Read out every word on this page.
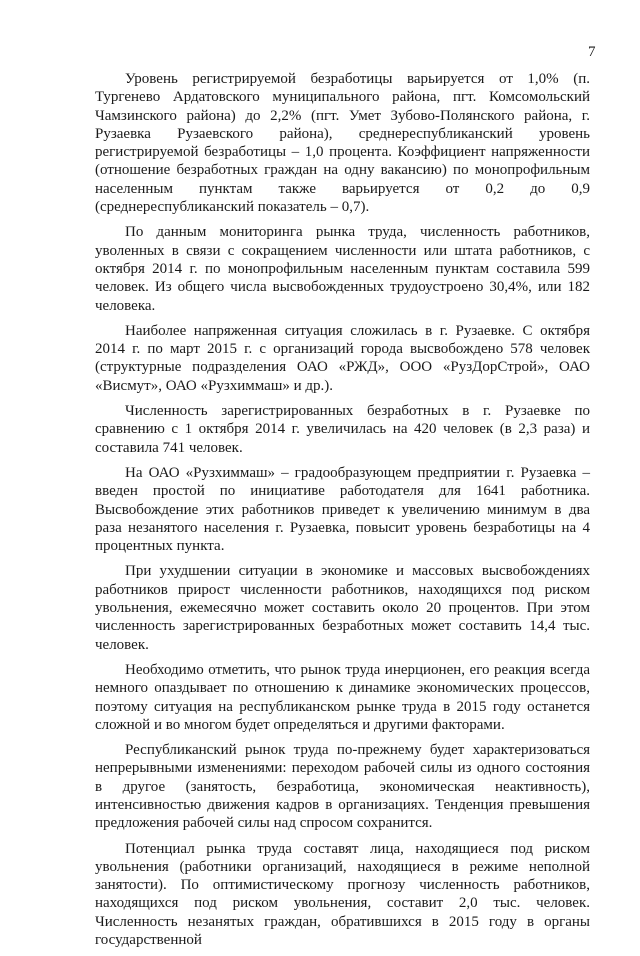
7

Уровень регистрируемой безработицы варьируется от 1,0% (п. Тургенево Ардатовского муниципального района, пгт. Комсомольский Чамзинского района) до 2,2% (пгт. Умет Зубово-Полянского района, г. Рузаевка Рузаевского района), среднереспубликанский уровень регистрируемой безработицы – 1,0 процента. Коэффициент напряженности (отношение безработных граждан на одну вакансию) по монопрофильным населенным пунктам также варьируется от 0,2 до 0,9 (среднереспубликанский показатель – 0,7).

По данным мониторинга рынка труда, численность работников, уволенных в связи с сокращением численности или штата работников, с октября 2014 г. по монопрофильным населенным пунктам составила 599 человек. Из общего числа высвобожденных трудоустроено 30,4%, или 182 человека.

Наиболее напряженная ситуация сложилась в г. Рузаевке. С октября 2014 г. по март 2015 г. с организаций города высвобождено 578 человек (структурные подразделения ОАО «РЖД», ООО «РузДорСтрой», ОАО «Висмут», ОАО «Рузхиммаш» и др.).

Численность зарегистрированных безработных в г. Рузаевке по сравнению с 1 октября 2014 г. увеличилась на 420 человек (в 2,3 раза) и составила 741 человек.

На ОАО «Рузхиммаш» – градообразующем предприятии г. Рузаевка – введен простой по инициативе работодателя для 1641 работника. Высвобождение этих работников приведет к увеличению минимум в два раза незанятого населения г. Рузаевка, повысит уровень безработицы на 4 процентных пункта.

При ухудшении ситуации в экономике и массовых высвобождениях работников прирост численности работников, находящихся под риском увольнения, ежемесячно может составить около 20 процентов. При этом численность зарегистрированных безработных может составить 14,4 тыс. человек.

Необходимо отметить, что рынок труда инерционен, его реакция всегда немного опаздывает по отношению к динамике экономических процессов, поэтому ситуация на республиканском рынке труда в 2015 году останется сложной и во многом будет определяться и другими факторами.

Республиканский рынок труда по-прежнему будет характеризоваться непрерывными изменениями: переходом рабочей силы из одного состояния в другое (занятость, безработица, экономическая неактивность), интенсивностью движения кадров в организациях. Тенденция превышения предложения рабочей силы над спросом сохранится.

Потенциал рынка труда составят лица, находящиеся под риском увольнения (работники организаций, находящиеся в режиме неполной занятости). По оптимистическому прогнозу численность работников, находящихся под риском увольнения, составит 2,0 тыс. человек. Численность незанятых граждан, обратившихся в 2015 году в органы государственной
